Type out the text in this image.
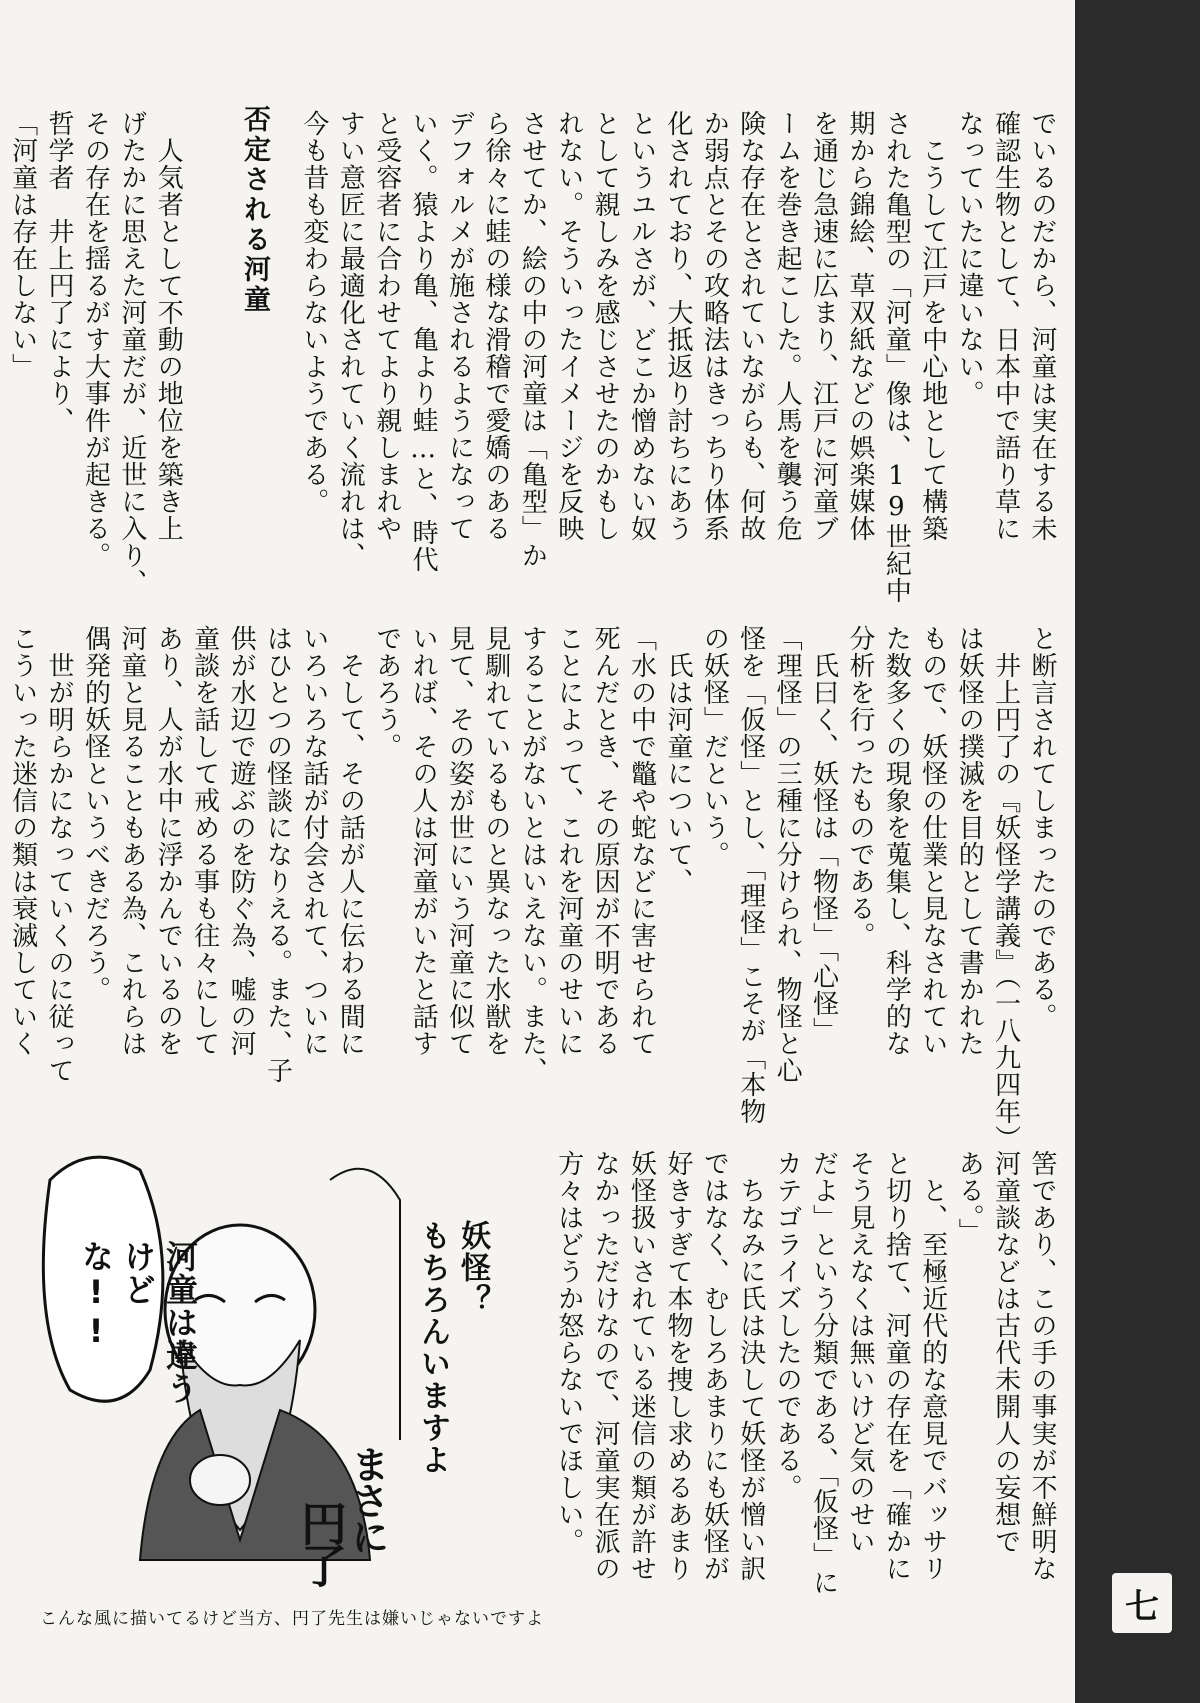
七
否定される河童	でいるのだから、河童は実在する未

確認生物として、日本中で語り草に

なっていたに違いない。

　こうして江戸を中心地として構築

された亀型の「河童」像は、19世紀中

期から錦絵、草双紙などの娯楽媒体

を通じ急速に広まり、江戸に河童ブ

ームを巻き起こした。人馬を襲う危

険な存在とされていながらも、何故

か弱点とその攻略法はきっちり体系

化されており、大抵返り討ちにあう

というユルさが、どこか憎めない奴

として親しみを感じさせたのかもし

れない。そういったイメージを反映

させてか、絵の中の河童は「亀型」か

ら徐々に蛙の様な滑稽で愛嬌のある

デフォルメが施されるようになって

いく。猿より亀、亀より蛙…と、時代

と受容者に合わせてより親しまれや

すい意匠に最適化されていく流れは、

今も昔も変わらないようである。

　人気者として不動の地位を築き上

げたかに思えた河童だが、近世に入り、

その存在を揺るがす大事件が起きる。

哲学者　井上円了により、

「河童は存在しない」

と断言されてしまったのである。

　井上円了の『妖怪学講義』（一八九四年）

は妖怪の撲滅を目的として書かれた

もので、妖怪の仕業と見なされてい

た数多くの現象を蒐集し、科学的な

分析を行ったものである。

　氏曰く、妖怪は「物怪」「心怪」

「理怪」の三種に分けられ、物怪と心

怪を「仮怪」とし、「理怪」こそが「本物

の妖怪」だという。

　氏は河童について、

「水の中で鼈や蛇などに害せられて

死んだとき、その原因が不明である

ことによって、これを河童のせいに

することがないとはいえない。また、

見馴れているものと異なった水獣を

見て、その姿が世にいう河童に似て

いれば、その人は河童がいたと話す

であろう。

　そして、その話が人に伝わる間に

いろいろな話が付会されて、ついに

はひとつの怪談になりえる。また、子

供が水辺で遊ぶのを防ぐ為、嘘の河

童談を話して戒める事も往々にして

あり、人が水中に浮かんでいるのを

河童と見ることもある為、これらは

偶発的妖怪というべきだろう。

　世が明らかになっていくのに従って

こういった迷信の類は衰滅していく

筈であり、この手の事実が不鮮明な

河童談などは古代未開人の妄想で

ある。」

　と、至極近代的な意見でバッサリ

と切り捨て、河童の存在を「確かに

そう見えなくは無いけど気のせい

だよ」という分類である、「仮怪」に

カテゴライズしたのである。

　ちなみに氏は決して妖怪が憎い訳

ではなく、むしろあまりにも妖怪が

好きすぎて本物を捜し求めるあまり

妖怪扱いされている迷信の類が許せ

なかっただけなので、河童実在派の

方々はどうか怒らないでほしい。

妖怪？
もちろんいますよ
河童は違う
けどな!!
まさに
円了
こんな風に描いてるけど当方、円了先生は嫌いじゃないですよ
